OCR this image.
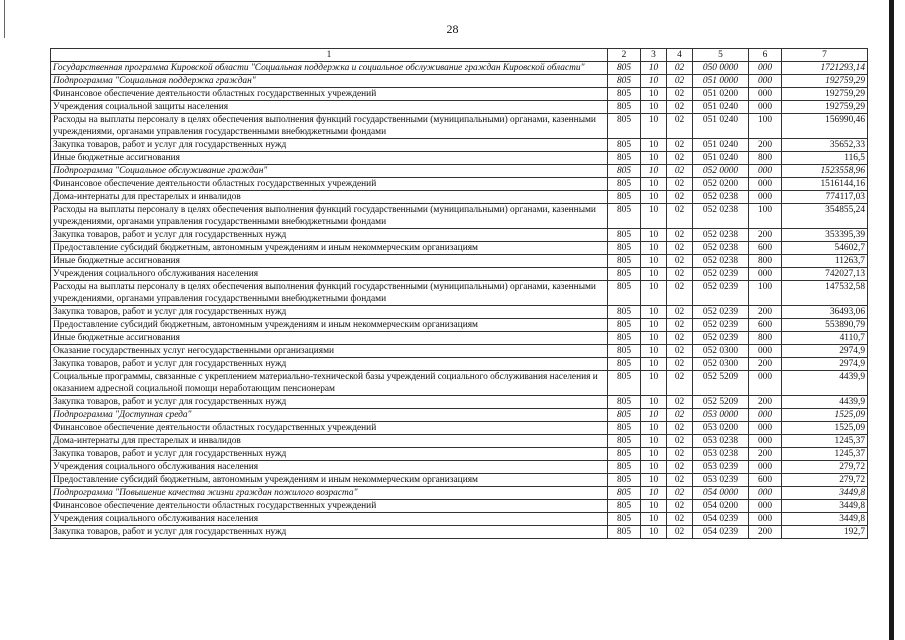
28
1	2	3	4	5	6	7
Государственная программа Кировской области "Социальная поддержка и социальное обслуживание граждан Кировской области"	805	10	02	050 0000	000	1721293,14
Подпрограмма "Социальная поддержка граждан"	805	10	02	051 0000	000	192759,29
Финансовое обеспечение деятельности областных государственных учреждений	805	10	02	051 0200	000	192759,29
Учреждения социальной защиты населения	805	10	02	051 0240	000	192759,29
Расходы на выплаты персоналу в целях обеспечения выполнения функций государственными (муниципальными) органами, казенными учреждениями, органами управления государственными внебюджетными фондами	805	10	02	051 0240	100	156990,46
Закупка товаров, работ и услуг для государственных нужд	805	10	02	051 0240	200	35652,33
Иные бюджетные ассигнования	805	10	02	051 0240	800	116,5
Подпрограмма "Социальное обслуживание граждан"	805	10	02	052 0000	000	1523558,96
Финансовое обеспечение деятельности областных государственных учреждений	805	10	02	052 0200	000	1516144,16
Дома-интернаты для престарелых и инвалидов	805	10	02	052 0238	000	774117,03
Расходы на выплаты персоналу в целях обеспечения выполнения функций государственными (муниципальными) органами, казенными учреждениями, органами управления государственными внебюджетными фондами	805	10	02	052 0238	100	354855,24
Закупка товаров, работ и услуг для государственных нужд	805	10	02	052 0238	200	353395,39
Предоставление субсидий бюджетным, автономным учреждениям и иным некоммерческим организациям	805	10	02	052 0238	600	54602,7
Иные бюджетные ассигнования	805	10	02	052 0238	800	11263,7
Учреждения социального обслуживания населения	805	10	02	052 0239	000	742027,13
Расходы на выплаты персоналу в целях обеспечения выполнения функций государственными (муниципальными) органами, казенными учреждениями, органами управления государственными внебюджетными фондами	805	10	02	052 0239	100	147532,58
Закупка товаров, работ и услуг для государственных нужд	805	10	02	052 0239	200	36493,06
Предоставление субсидий бюджетным, автономным учреждениям и иным некоммерческим организациям	805	10	02	052 0239	600	553890,79
Иные бюджетные ассигнования	805	10	02	052 0239	800	4110,7
Оказание государственных услуг негосударственными организациями	805	10	02	052 0300	000	2974,9
Закупка товаров, работ и услуг для государственных нужд	805	10	02	052 0300	200	2974,9
Социальные программы, связанные с укреплением материально-технической базы учреждений социального обслуживания населения и оказанием адресной социальной помощи неработающим пенсионерам	805	10	02	052 5209	000	4439,9
Закупка товаров, работ и услуг для государственных нужд	805	10	02	052 5209	200	4439,9
Подпрограмма "Доступная среда"	805	10	02	053 0000	000	1525,09
Финансовое обеспечение деятельности областных государственных учреждений	805	10	02	053 0200	000	1525,09
Дома-интернаты для престарелых и инвалидов	805	10	02	053 0238	000	1245,37
Закупка товаров, работ и услуг для государственных нужд	805	10	02	053 0238	200	1245,37
Учреждения социального обслуживания населения	805	10	02	053 0239	000	279,72
Предоставление субсидий бюджетным, автономным учреждениям и иным некоммерческим организациям	805	10	02	053 0239	600	279,72
Подпрограмма "Повышение качества жизни граждан пожилого возраста"	805	10	02	054 0000	000	3449,8
Финансовое обеспечение деятельности областных государственных учреждений	805	10	02	054 0200	000	3449,8
Учреждения социального обслуживания населения	805	10	02	054 0239	000	3449,8
Закупка товаров, работ и услуг для государственных нужд	805	10	02	054 0239	200	192,7
